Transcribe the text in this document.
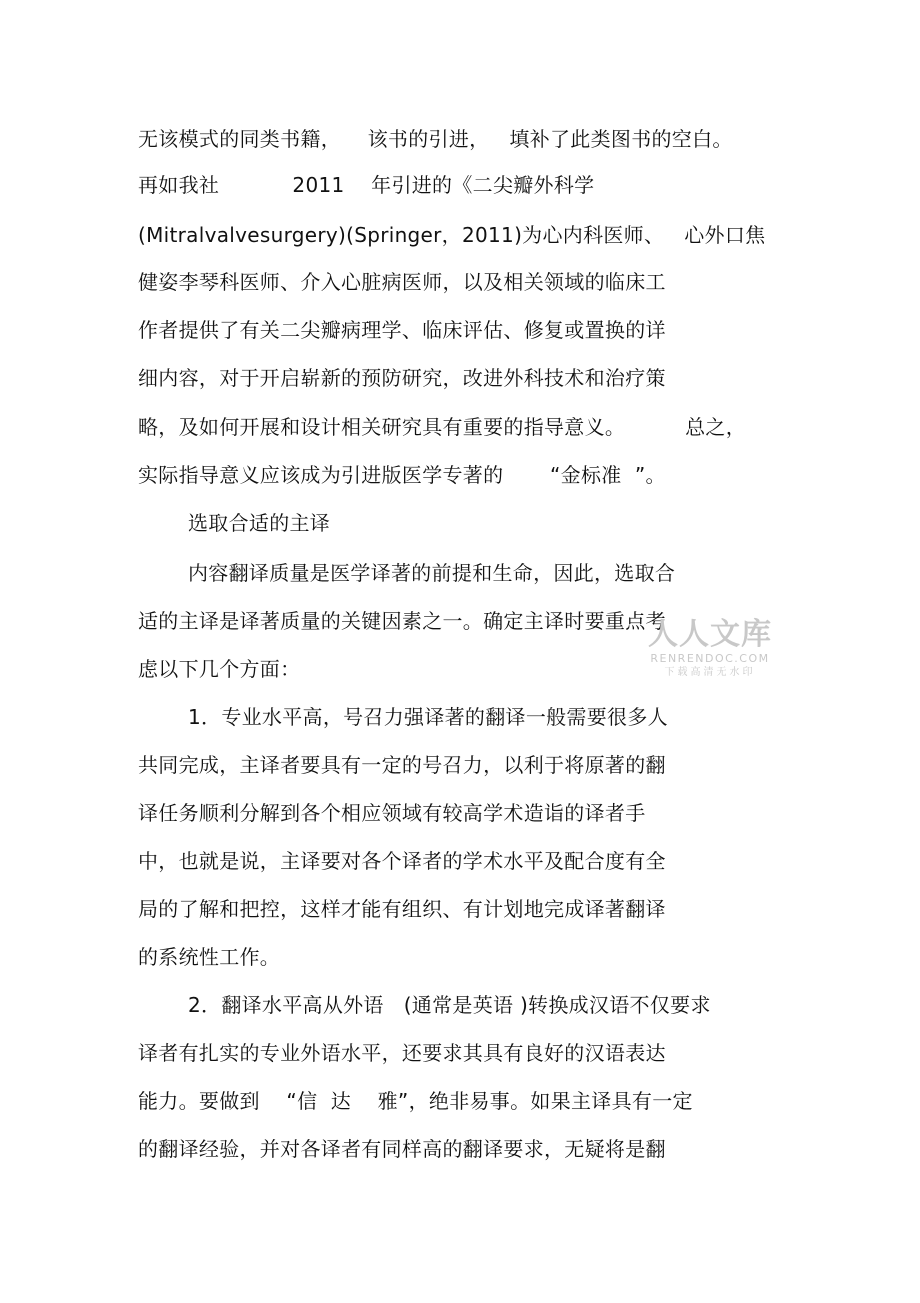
无该模式的同类书籍，    该书的引进，   填补了此类图书的空白。
再如我社           2011    年引进的《二尖瓣外科学
(Mitralvalvesurgery)(Springer，2011)为心内科医师、   心外口焦
健姿李琴科医师、介入心脏病医师，以及相关领域的临床工
作者提供了有关二尖瓣病理学、临床评估、修复或置换的详
细内容，对于开启崭新的预防研究，改进外科技术和治疗策
略，及如何开展和设计相关研究具有重要的指导意义。         总之，
实际指导意义应该成为引进版医学专著的       “金标准  ”。
选取合适的主译
内容翻译质量是医学译著的前提和生命，因此，选取合
适的主译是译著质量的关键因素之一。确定主译时要重点考
虑以下几个方面：
1．专业水平高，号召力强译著的翻译一般需要很多人
共同完成，主译者要具有一定的号召力，以利于将原著的翻
译任务顺利分解到各个相应领域有较高学术造诣的译者手
中，也就是说，主译要对各个译者的学术水平及配合度有全
局的了解和把控，这样才能有组织、有计划地完成译著翻译
的系统性工作。
2．翻译水平高从外语   (通常是英语 )转换成汉语不仅要求
译者有扎实的专业外语水平，还要求其具有良好的汉语表达
能力。要做到    “信  达    雅”，绝非易事。如果主译具有一定
的翻译经验，并对各译者有同样高的翻译要求，无疑将是翻
人人文库
RENRENDOC.COM
下载高清无水印
